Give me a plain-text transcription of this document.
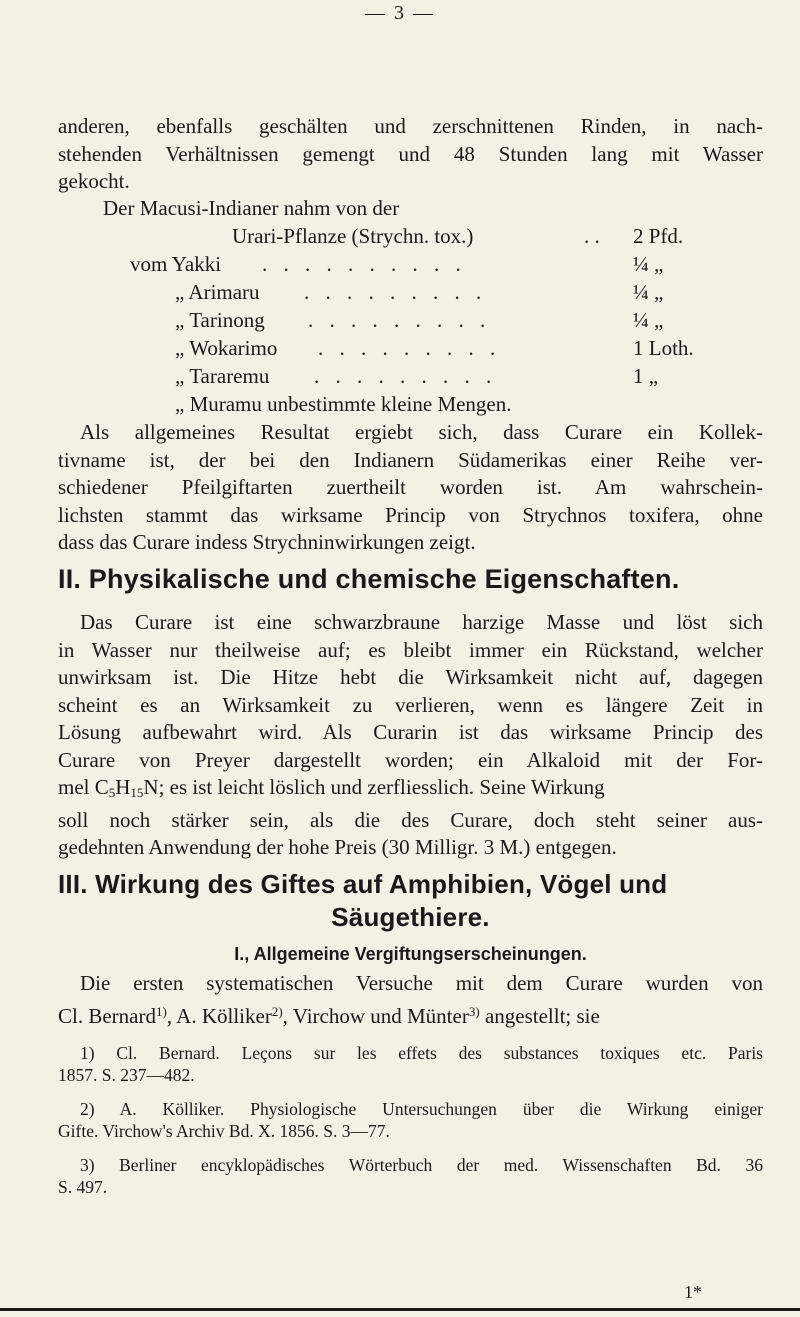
— 3 —
anderen, ebenfalls geschälten und zerschnittenen Rinden, in nach-
stehenden Verhältnissen gemengt und 48 Stunden lang mit Wasser
gekocht.
Der Macusi-Indianer nahm von der
Urari-Pflanze (Strychn. tox.)	. . 2 Pfd.
vom Yakki . . . . . . . . . .	¼ „
„ Arimaru . . . . . . . . .	¼ „
„ Tarinong . . . . . . . . .	¼ „
„ Wokarimo . . . . . . . . .	1 Loth.
„ Tararemu . . . . . . . . .	1 „
„ Muramu unbestimmte kleine Mengen.
Als allgemeines Resultat ergiebt sich, dass Curare ein Kollek-
tivname ist, der bei den Indianern Südamerikas einer Reihe ver-
schiedener Pfeilgiftarten zuertheilt worden ist. Am wahrschein-
lichsten stammt das wirksame Princip von Strychnos toxifera, ohne
dass das Curare indess Strychninwirkungen zeigt.
II. Physikalische und chemische Eigenschaften.
Das Curare ist eine schwarzbraune harzige Masse und löst sich
in Wasser nur theilweise auf; es bleibt immer ein Rückstand, welcher
unwirksam ist. Die Hitze hebt die Wirksamkeit nicht auf, dagegen
scheint es an Wirksamkeit zu verlieren, wenn es längere Zeit in
Lösung aufbewahrt wird. Als Curarin ist das wirksame Princip des
Curare von Preyer dargestellt worden; ein Alkaloid mit der For-
mel $C_5H_{15}N$; es ist leicht löslich und zerfliesslich. Seine Wirkung
soll noch stärker sein, als die des Curare, doch steht seiner aus-
gedehnten Anwendung der hohe Preis (30 Milligr. 3 M.) entgegen.
III. Wirkung des Giftes auf Amphibien, Vögel und
Säugethiere.
I., Allgemeine Vergiftungserscheinungen.
Die ersten systematischen Versuche mit dem Curare wurden von
Cl. Bernard$^{1)}$, A. Kölliker$^{2)}$, Virchow und Münter$^{3)}$ angestellt; sie
1) Cl. Bernard. Leçons sur les effets des substances toxiques etc. Paris
1857. S. 237—482.
2) A. Kölliker. Physiologische Untersuchungen über die Wirkung einiger
Gifte. Virchow's Archiv Bd. X. 1856. S. 3—77.
3) Berliner encyklopädisches Wörterbuch der med. Wissenschaften Bd. 36
S. 497.
1*
